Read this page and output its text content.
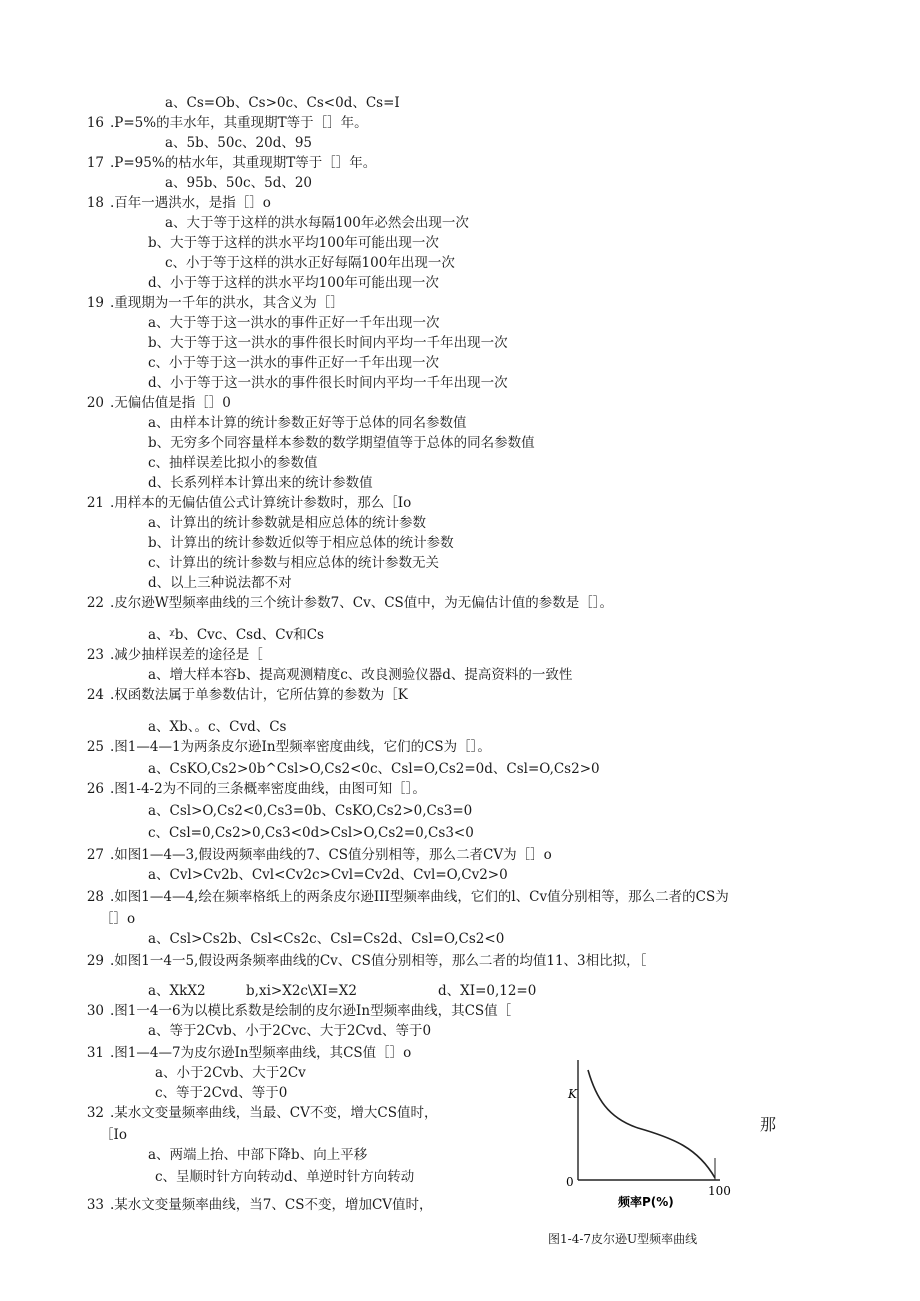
a、Cs=Ob、Cs>0c、Cs<0d、Cs=I
16 .P=5%的丰水年，其重现期T等于［］年。
a、5b、50c、20d、95
17 .P=95%的枯水年，其重现期T等于［］年。
a、95b、50c、5d、20
18 .百年一遇洪水，是指［］o
a、大于等于这样的洪水每隔100年必然会出现一次
b、大于等于这样的洪水平均100年可能出现一次
c、小于等于这样的洪水正好每隔100年出现一次
d、小于等于这样的洪水平均100年可能出现一次
19 .重现期为一千年的洪水，其含义为［］
a、大于等于这一洪水的事件正好一千年出现一次
b、大于等于这一洪水的事件很长时间内平均一千年出现一次
c、小于等于这一洪水的事件正好一千年出现一次
d、小于等于这一洪水的事件很长时间内平均一千年出现一次
20 .无偏估值是指［］0
a、由样本计算的统计参数正好等于总体的同名参数值
b、无穷多个同容量样本参数的数学期望值等于总体的同名参数值
c、抽样误差比拟小的参数值
d、长系列样本计算出来的统计参数值
21 .用样本的无偏估值公式计算统计参数时，那么［Io
a、计算出的统计参数就是相应总体的统计参数
b、计算出的统计参数近似等于相应总体的统计参数
c、计算出的统计参数与相应总体的统计参数无关
d、以上三种说法都不对
22 .皮尔逊W型频率曲线的三个统计参数7、Cv、CS值中，为无偏估计值的参数是［］。
a、ᵡb、Cvc、Csd、Cv和Cs
23 .减少抽样误差的途径是［
a、增大样本容b、提高观测精度c、改良测验仪器d、提高资料的一致性
24 .权函数法属于单参数估计，它所估算的参数为［K
a、Xb、。c、Cvd、Cs
25 .图1—4—1为两条皮尔逊In型频率密度曲线，它们的CS为［］。
a、CsKO,Cs2>0b^Csl>O,Cs2<0c、Csl=O,Cs2=0d、Csl=O,Cs2>0
26 .图1-4-2为不同的三条概率密度曲线，由图可知［］。
a、Csl>O,Cs2<0,Cs3=0b、CsKO,Cs2>0,Cs3=0
c、Csl=0,Cs2>0,Cs3<0d>Csl>O,Cs2=0,Cs3<0
27 .如图1—4—3,假设两频率曲线的7、CS值分别相等，那么二者CV为［］o
a、Cvl>Cv2b、Cvl<Cv2c>Cvl=Cv2d、Cvl=O,Cv2>0
28 .如图1—4—4,绘在频率格纸上的两条皮尔逊III型频率曲线，它们的l、Cv值分别相等，那么二者的CS为
［］o
a、Csl>Cs2b、Csl<Cs2c、Csl=Cs2d、Csl=O,Cs2<0
29 .如图1一4一5,假设两条频率曲线的Cv、CS值分别相等，那么二者的均值11、3相比拟，［
a、XkX2　　　b,xi>X2c\XI=X2　　　　　　d、XI=0,12=0
30 .图1一4一6为以模比系数是绘制的皮尔逊In型频率曲线，其CS值［
a、等于2Cvb、小于2Cvc、大于2Cvd、等于0
31 .图1—4—7为皮尔逊In型频率曲线，其CS值［］o
a、小于2Cvb、大于2Cv
c、等于2Cvd、等于0
32 .某水文变量频率曲线，当最、CV不变，增大CS值时，
［Io
a、两端上抬、中部下降b、向上平移
c、呈顺时针方向转动d、单逆时针方向转动
33 .某水文变量频率曲线，当7、CS不变，增加CV值时，
K
0
100
频率P(%)
图1-4-7皮尔逊U型频率曲线
那
